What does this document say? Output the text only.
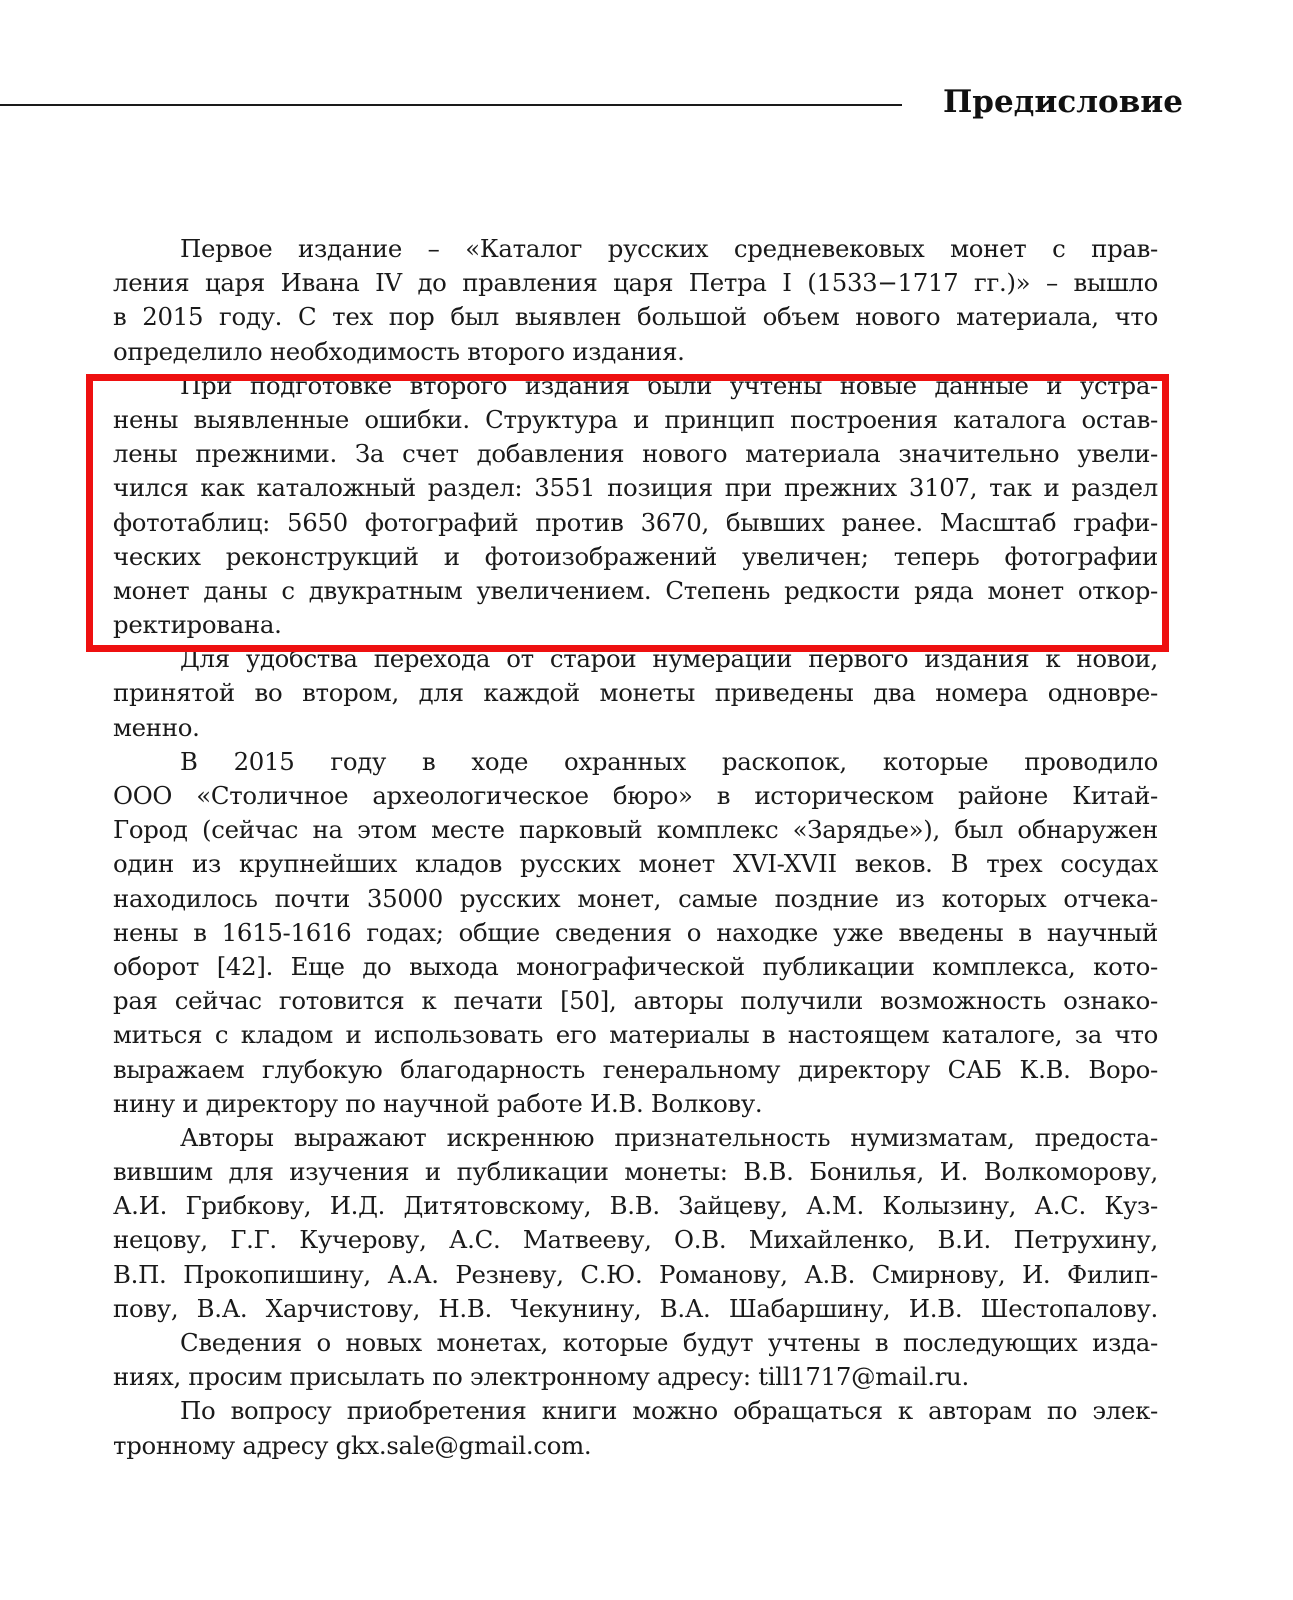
Предисловие
Первое издание – «Каталог русских средневековых монет с прав-
ления царя Ивана IV до правления царя Петра I (1533−1717 гг.)» – вышло
в 2015 году. С тех пор был выявлен большой объем нового материала, что
определило необходимость второго издания.
При подготовке второго издания были учтены новые данные и устра-
нены выявленные ошибки. Структура и принцип построения каталога остав-
лены прежними. За счет добавления нового материала значительно увели-
чился как каталожный раздел: 3551 позиция при прежних 3107, так и раздел
фототаблиц: 5650 фотографий против 3670, бывших ранее. Масштаб графи-
ческих реконструкций и фотоизображений увеличен; теперь фотографии
монет даны с двукратным увеличением. Степень редкости ряда монет откор-
ректирована.
Для удобства перехода от старой нумерации первого издания к новой,
принятой во втором, для каждой монеты приведены два номера одновре-
менно.
В 2015 году в ходе охранных раскопок, которые проводило
ООО «Столичное археологическое бюро» в историческом районе Китай-
Город (сейчас на этом месте парковый комплекс «Зарядье»), был обнаружен
один из крупнейших кладов русских монет XVI-XVII веков. В трех сосудах
находилось почти 35000 русских монет, самые поздние из которых отчека-
нены в 1615-1616 годах; общие сведения о находке уже введены в научный
оборот [42]. Еще до выхода монографической публикации комплекса, кото-
рая сейчас готовится к печати [50], авторы получили возможность ознако-
миться с кладом и использовать его материалы в настоящем каталоге, за что
выражаем глубокую благодарность генеральному директору САБ К.В. Воро-
нину и директору по научной работе И.В. Волкову.
Авторы выражают искреннюю признательность нумизматам, предоста-
вившим для изучения и публикации монеты: В.В. Бонилья, И. Волкоморову,
А.И. Грибкову, И.Д. Дитятовскому, В.В. Зайцеву, А.М. Колызину, А.С. Куз-
нецову, Г.Г. Кучерову, А.С. Матвееву, О.В. Михайленко, В.И. Петрухину,
В.П. Прокопишину, А.А. Резневу, С.Ю. Романову, А.В. Смирнову, И. Филип-
пову, В.А. Харчистову, Н.В. Чекунину, В.А. Шабаршину, И.В. Шестопалову.
Сведения о новых монетах, которые будут учтены в последующих изда-
ниях, просим присылать по электронному адресу: till1717@mail.ru.
По вопросу приобретения книги можно обращаться к авторам по элек-
тронному адресу gkx.sale@gmail.com.
